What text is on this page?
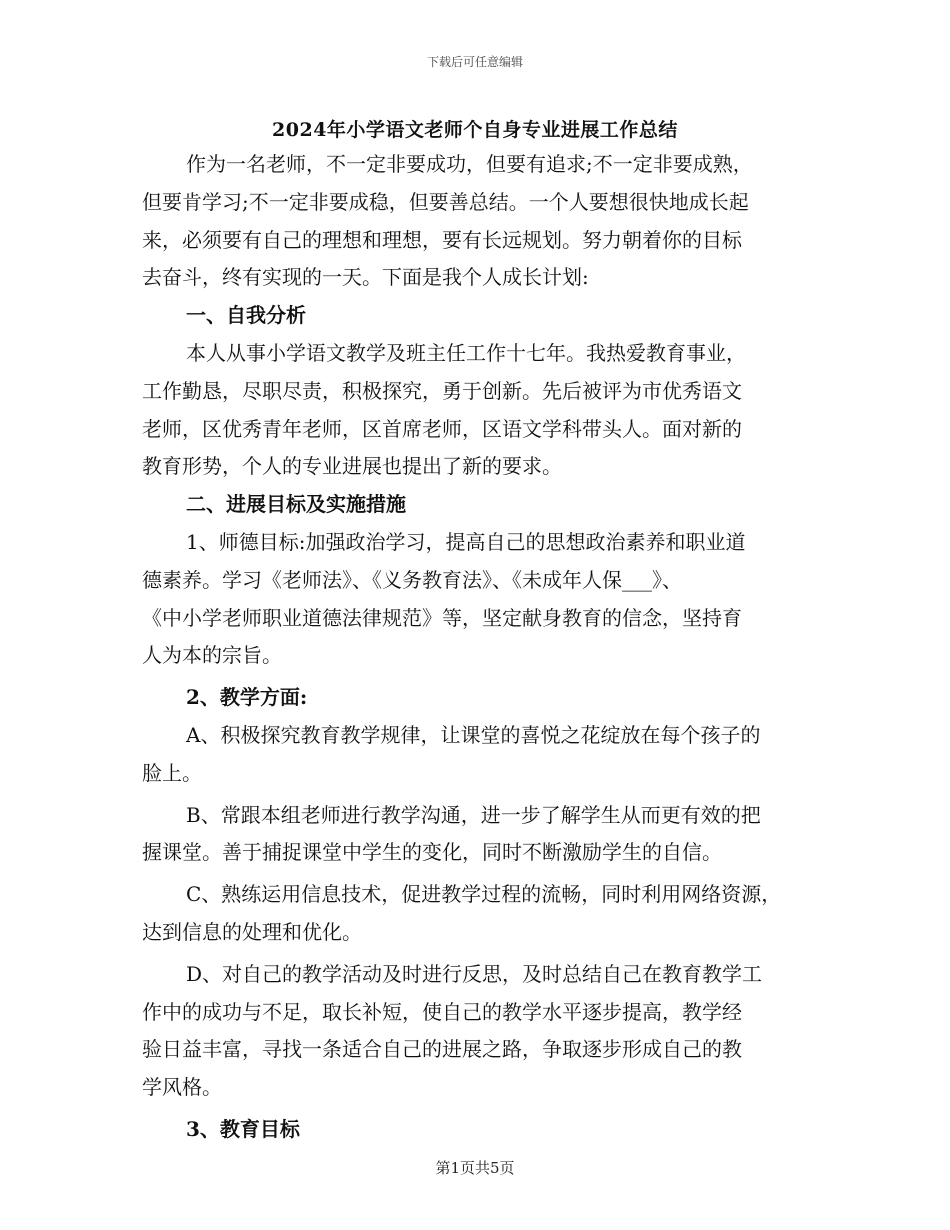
下载后可任意编辑
2024年小学语文老师个自身专业进展工作总结
作为一名老师，不一定非要成功，但要有追求;不一定非要成熟，
但要肯学习;不一定非要成稳，但要善总结。一个人要想很快地成长起
来，必须要有自己的理想和理想，要有长远规划。努力朝着你的目标
去奋斗，终有实现的一天。下面是我个人成长计划:
一、自我分析
本人从事小学语文教学及班主任工作十七年。我热爱教育事业，
工作勤恳，尽职尽责，积极探究，勇于创新。先后被评为市优秀语文
老师，区优秀青年老师，区首席老师，区语文学科带头人。面对新的
教育形势，个人的专业进展也提出了新的要求。
二、进展目标及实施措施
1、师德目标:加强政治学习，提高自己的思想政治素养和职业道
德素养。学习《老师法》、《义务教育法》、《未成年人保___》、
《中小学老师职业道德法律规范》等，坚定献身教育的信念，坚持育
人为本的宗旨。
2、教学方面:
A、积极探究教育教学规律，让课堂的喜悦之花绽放在每个孩子的
脸上。
B、常跟本组老师进行教学沟通，进一步了解学生从而更有效的把
握课堂。善于捕捉课堂中学生的变化，同时不断激励学生的自信。
C、熟练运用信息技术，促进教学过程的流畅，同时利用网络资源，
达到信息的处理和优化。
D、对自己的教学活动及时进行反思，及时总结自己在教育教学工
作中的成功与不足，取长补短，使自己的教学水平逐步提高，教学经
验日益丰富，寻找一条适合自己的进展之路，争取逐步形成自己的教
学风格。
3、教育目标
第1页共5页
